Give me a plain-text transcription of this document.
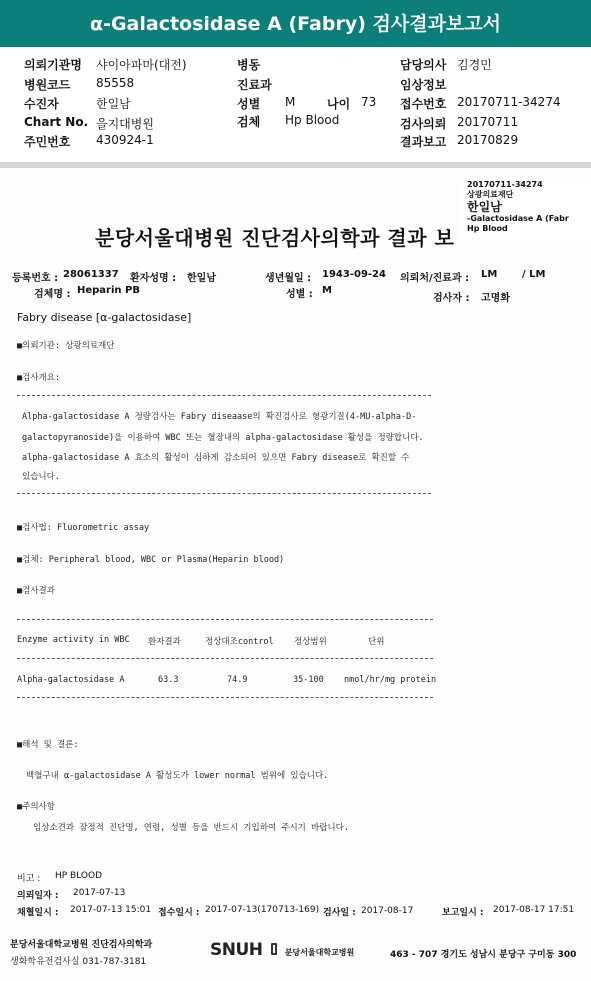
α-Galactosidase A (Fabry) 검사결과보고서
의뢰기관명 샤이아파마(대전)
병원코드 85558
수진자	한일남
Chart No. 을지대병원
주민번호 430924-1
병동
진료과
성별 M	나이 73
검체 Hp Blood
담당의사 김경민
임상정보
접수번호 20170711-34274
검사의뢰 20170711
결과보고 20170829
20170711-34274
상광의료재단
한일남
-Galactosidase A (Fabr
Hp Blood
분당서울대병원 진단검사의학과 결과 보
등록번호 : 28061337 환자성명 : 한일남	생년월일 : 1943-09-24 의뢰처/진료과 : LM / LM
검체명 : Heparin PB	성별 : M
검사자 : 고명화
Fabry disease [α-galactosidase]
■의뢰기관: 상광의료재단
■검사개요:
Alpha-galactosidase A 정량검사는 Fabry diseaase의 확진검사로 형광기질(4-MU-alpha-D-
galactopyranoside)을 이용하여 WBC 또는 혈장내의 alpha-galactosidase 활성을 정량합니다.
alpha-galactosidase A 효소의 활성이 심하게 감소되어 있으면 Fabry disease로 확진할 수
있습니다.
■검사법: Fluorometric assay
■검체: Peripheral blood, WBC or Plasma(Heparin blood)
■검사결과
Enzyme activity in WBC 환자결과	정상대조control 정상범위	단위
Alpha-galactosidase A	63.3	74.9	35-100 nmol/hr/mg protein
■해석 및 결론:
백혈구내 α-galactosidase A 활성도가 lower normal 범위에 있습니다.
■주의사항
임상소견과 잠정적 진단명, 연령, 성별 등을 반드시 기입하여 주시기 바랍니다.
비고 : HP BLOOD
의뢰일자 : 2017-07-13
채혈일시 : 2017-07-13 15:01 접수일시 : 2017-07-13(170713-169) 검사일 : 2017-08-17	보고일시 : 2017-08-17 17:51
분당서울대학교병원 진단검사의학과
생화학유전검사실 031-787-3181
SNUH	분당서울대학교병원	463 - 707 경기도 성남시 분당구 구미동 300
